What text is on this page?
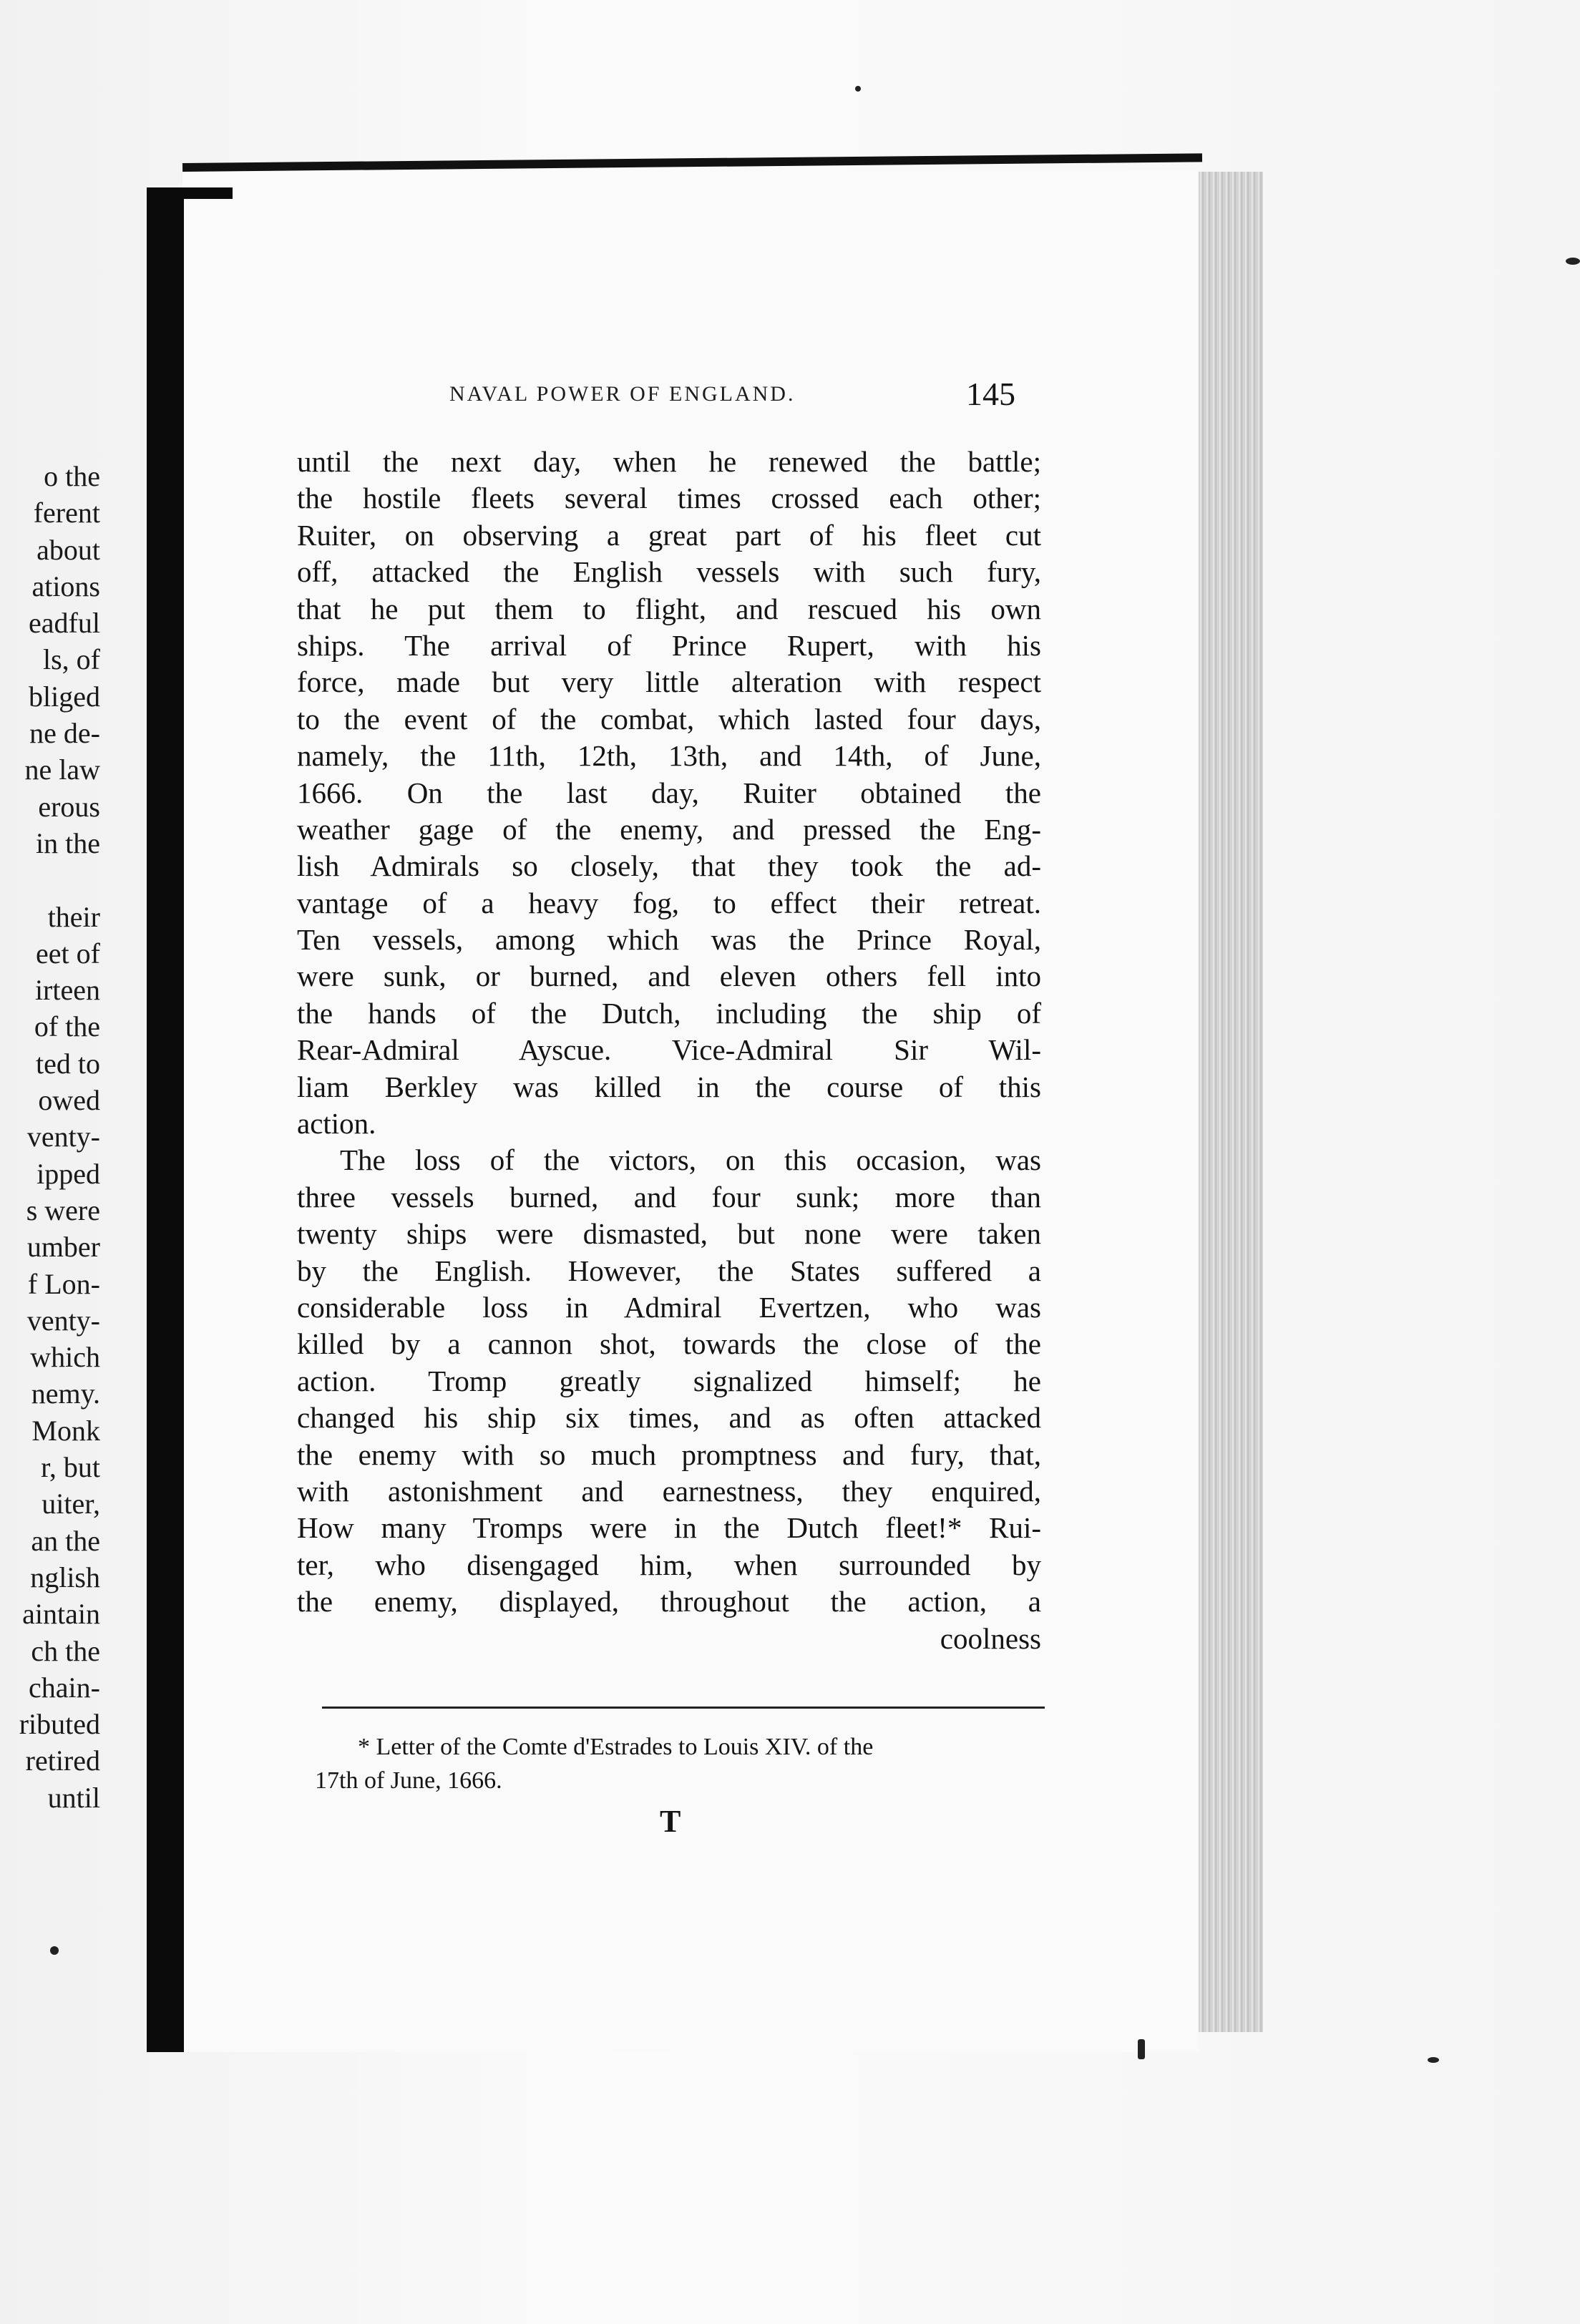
o the
ferent
about
ations
eadful
ls, of
bliged
ne de-
ne law
erous
in the
their
eet of
irteen
of the
ted to
owed
venty-
ipped
s were
umber
f Lon-
venty-
which
nemy.
Monk
r, but
uiter,
an the
nglish
aintain
ch the
chain-
ributed
retired
until
NAVAL POWER OF ENGLAND.	145
until the next day, when he renewed the battle;
the hostile fleets several times crossed each other;
Ruiter, on observing a great part of his fleet cut
off, attacked the English vessels with such fury,
that he put them to flight, and rescued his own
ships. The arrival of Prince Rupert, with his
force, made but very little alteration with respect
to the event of the combat, which lasted four days,
namely, the 11th, 12th, 13th, and 14th, of June,
1666. On the last day, Ruiter obtained the
weather gage of the enemy, and pressed the Eng-
lish Admirals so closely, that they took the ad-
vantage of a heavy fog, to effect their retreat.
Ten vessels, among which was the Prince Royal,
were sunk, or burned, and eleven others fell into
the hands of the Dutch, including the ship of
Rear-Admiral Ayscue. Vice-Admiral Sir Wil-
liam Berkley was killed in the course of this
action.
The loss of the victors, on this occasion, was
three vessels burned, and four sunk; more than
twenty ships were dismasted, but none were taken
by the English. However, the States suffered a
considerable loss in Admiral Evertzen, who was
killed by a cannon shot, towards the close of the
action. Tromp greatly signalized himself; he
changed his ship six times, and as often attacked
the enemy with so much promptness and fury, that,
with astonishment and earnestness, they enquired,
How many Tromps were in the Dutch fleet!* Rui-
ter, who disengaged him, when surrounded by
the enemy, displayed, throughout the action, a
coolness
* Letter of the Comte d'Estrades to Louis XIV. of the
17th of June, 1666.
T
